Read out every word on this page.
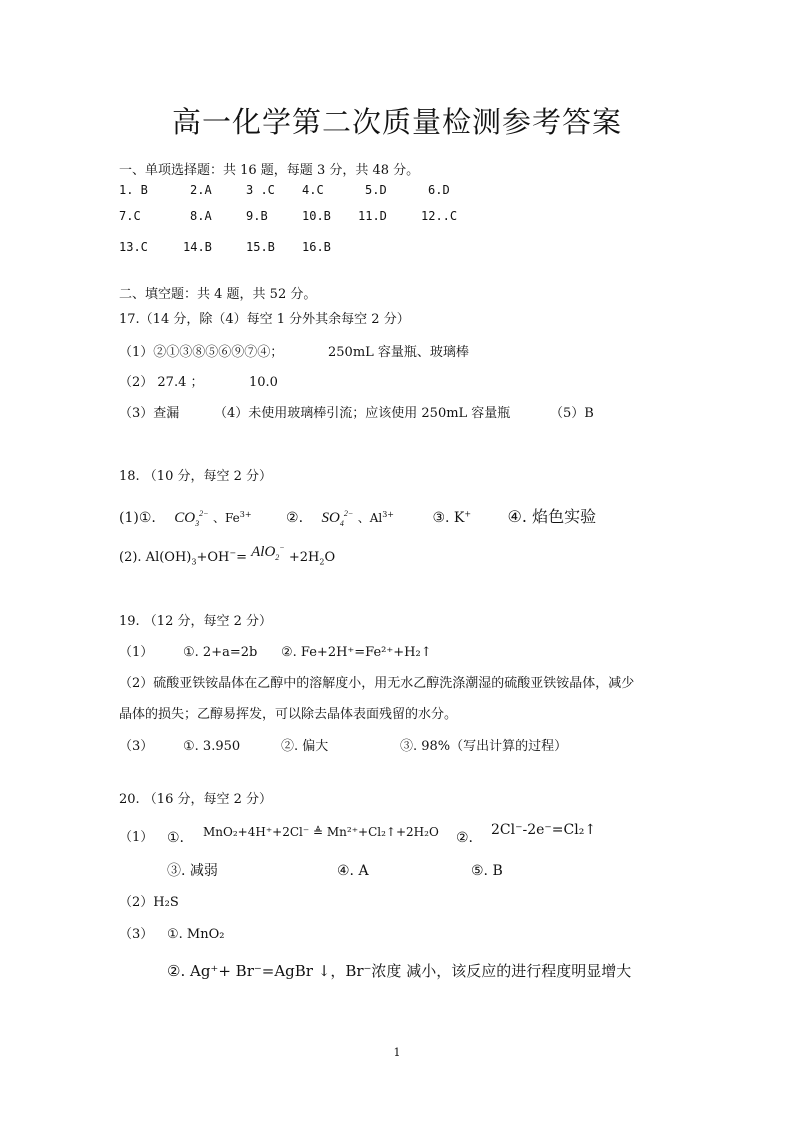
高一化学第二次质量检测参考答案
一、单项选择题：共 16 题，每题 3 分，共 48 分。
1. B	2.A	3 .C 4.C	5.D	6.D
7.C	8.A	9.B	10.B 11.D	12..C
13.C	14.B	15.B 16.B
二、填空题：共 4 题，共 52 分。
17.（14 分，除（4）每空 1 分外其余每空 2 分）
（1）②①③⑧⑤⑥⑨⑦④；	250mL 容量瓶、玻璃棒
（2） 27.4 ；	10.0
（3）查漏	（4）未使用玻璃棒引流；应该使用 250mL 容量瓶	（5）B
18. （10 分，每空 2 分）
(1)①. $CO_3^{2-}$ 、$Fe^{3+}$ ②. $SO_4^{2-}$ 、$Al^{3+}$	③. K+ ④. 焰色实验
(2). $Al(OH)_3+OH^-= AlO_2^- +2H_2O$
19. （12 分，每空 2 分）
（1） ①. 2+a=2b ②. Fe+2H⁺=Fe²⁺+H₂↑
（2）硫酸亚铁铵晶体在乙醇中的溶解度小，用无水乙醇洗涤潮湿的硫酸亚铁铵晶体，减少
晶体的损失；乙醇易挥发，可以除去晶体表面残留的水分。
（3） ①. 3.950	②. 偏大	③. 98%（写出计算的过程）
20. （16 分，每空 2 分）
（1） ①. MnO₂+4H⁺+2Cl⁻ ≜ Mn²⁺+Cl₂↑+2H₂O ②. 2Cl⁻-2e⁻=Cl₂↑
③. 减弱	④. A	⑤. B
（2）H₂S
（3） ①. MnO₂
②. Ag⁺+ Br⁻=AgBr ↓，Br⁻浓度 减小，该反应的进行程度明显增大
1
